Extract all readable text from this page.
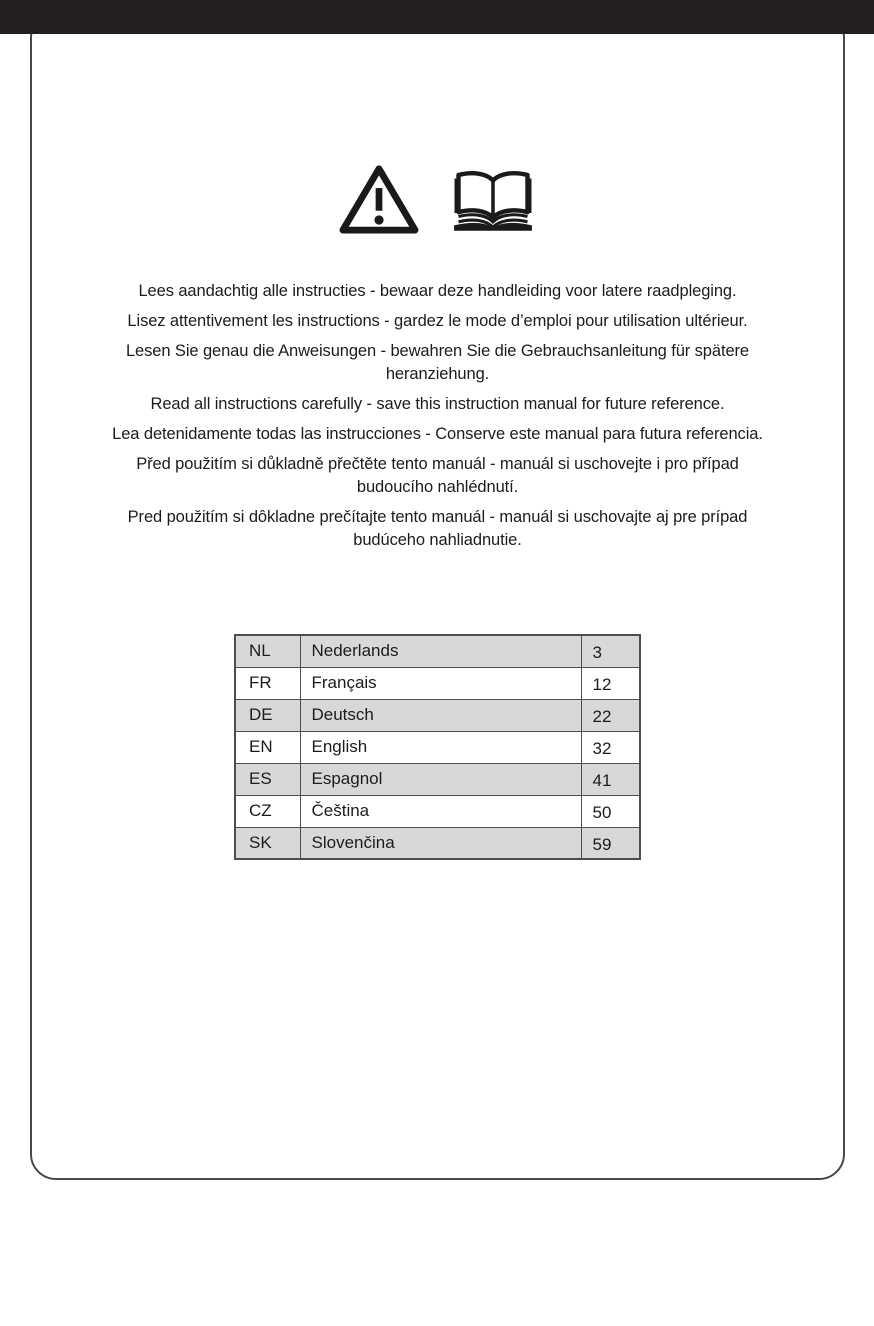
Lees aandachtig alle instructies - bewaar deze handleiding voor latere raadpleging.

Lisez attentivement les instructions - gardez le mode d’emploi pour utilisation ultérieur.

Lesen Sie genau die Anweisungen - bewahren Sie die Gebrauchsanleitung für spätere
heranziehung.

Read all instructions carefully - save this instruction manual for future reference.

Lea detenidamente todas las instrucciones - Conserve este manual para futura referencia.

Před použitím si důkladně přečtěte tento manuál - manuál si uschovejte i pro případ
budoucího nahlédnutí.

Pred použitím si dôkladne prečítajte tento manuál - manuál si uschovajte aj pre prípad
budúceho nahliadnutie.

NL	Nederlands	3
FR	Français	12
DE	Deutsch	22
EN	English	32
ES	Espagnol	41
CZ	Čeština	50
SK	Slovenčina	59
